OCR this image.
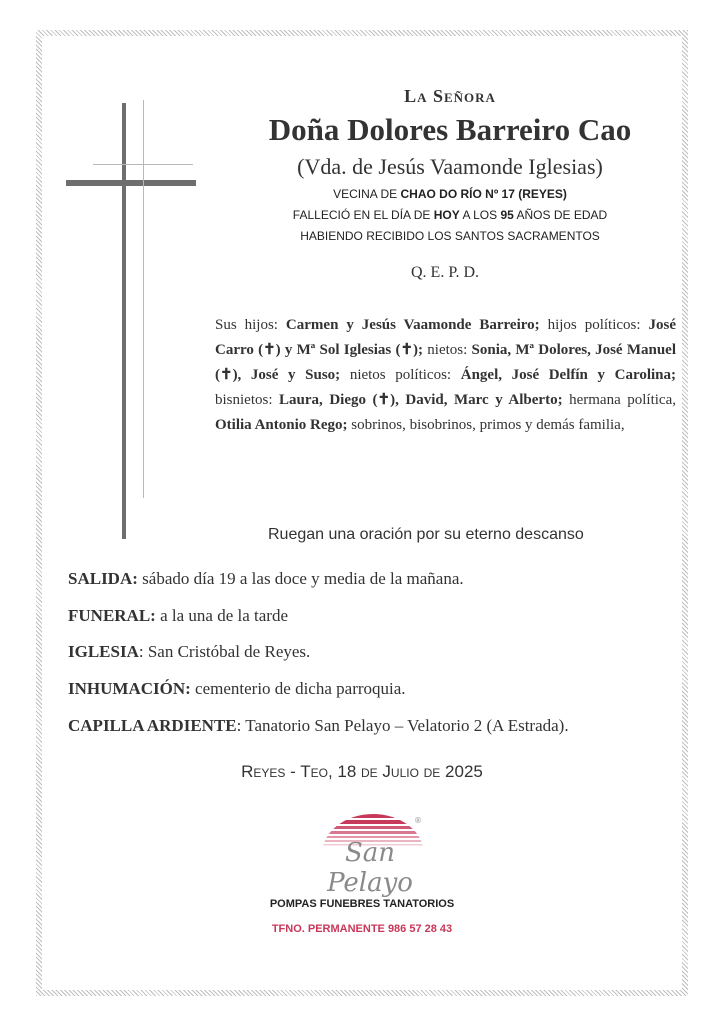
La Señora
Doña Dolores Barreiro Cao
(Vda. de Jesús Vaamonde Iglesias)
VECINA DE CHAO DO RÍO Nº 17 (REYES)
FALLECIÓ EN EL DÍA DE HOY A LOS 95 AÑOS DE EDAD
HABIENDO RECIBIDO LOS SANTOS SACRAMENTOS
Q. E. P. D.
Sus hijos: Carmen y Jesús Vaamonde Barreiro; hijos políticos: José Carro (✝) y Mª Sol Iglesias (✝); nietos: Sonia, Mª Dolores, José Manuel (✝), José y Suso; nietos políticos: Ángel, José Delfín y Carolina; bisnietos: Laura, Diego (✝), David, Marc y Alberto; hermana política, Otilia Antonio Rego; sobrinos, bisobrinos, primos y demás familia,
Ruegan una oración por su eterno descanso
SALIDA: sábado día 19 a las doce y media de la mañana.
FUNERAL: a la una de la tarde
IGLESIA: San Cristóbal de Reyes.
INHUMACIÓN: cementerio de dicha parroquia.
CAPILLA ARDIENTE: Tanatorio San Pelayo – Velatorio 2 (A Estrada).
Reyes - Teo, 18 de Julio de 2025
®
San Pelayo
POMPAS FUNEBRES TANATORIOS
TFNO. PERMANENTE 986 57 28 43
